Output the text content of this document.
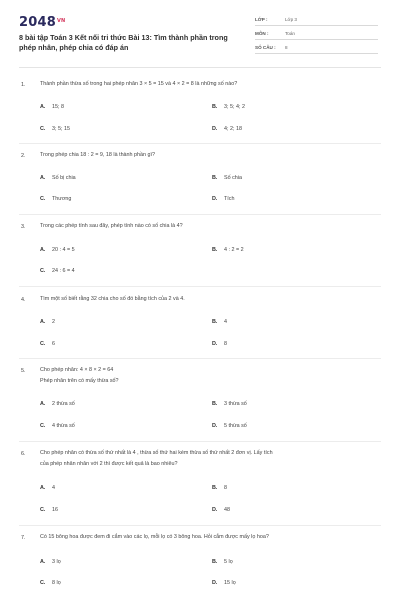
$2048^{VN}$
8 bài tập Toán 3 Kết nối tri thức Bài 13: Tìm thành phần trong phép nhân, phép chia có đáp án
LỚP :	Lớp 3
MÔN :	Toán
SỐ CÂU : 8
1.	Thành phần thừa số trong hai phép nhân 3 × 5 = 15 và 4 × 2 = 8 là những số nào?
A. 15; 8	B. 3; 5; 4; 2
C. 3; 5; 15	D. 4; 2; 18
2.	Trong phép chia 18 : 2 = 9, 18 là thành phần gì?
A. Số bị chia	B. Số chia
C. Thương	D. Tích
3.	Trong các phép tính sau đây, phép tính nào có số chia là 4?
A. 20 : 4 = 5	B. 4 : 2 = 2
C. 24 : 6 = 4
4.	Tìm một số biết rằng 32 chia cho số đó bằng tích của 2 và 4.
A. 2	B. 4
C. 6	D. 8
5.	Cho phép nhân: 4 × 8 × 2 = 64
Phép nhân trên có mấy thừa số?
A. 2 thừa số	B. 3 thừa số
C. 4 thừa số	D. 5 thừa số
6.	Cho phép nhân có thừa số thứ nhất là 4 , thừa số thứ hai kém thừa số thứ nhất 2 đơn vị. Lấy tích
của phép nhân nhân với 2 thì được kết quả là bao nhiêu?
A. 4	B. 8
C. 16	D. 48
7.	Có 15 bông hoa được đem đi cắm vào các lọ, mỗi lọ có 3 bông hoa. Hỏi cắm được mấy lọ hoa?
A. 3 lọ	B. 5 lọ
C. 8 lọ	D. 15 lọ
